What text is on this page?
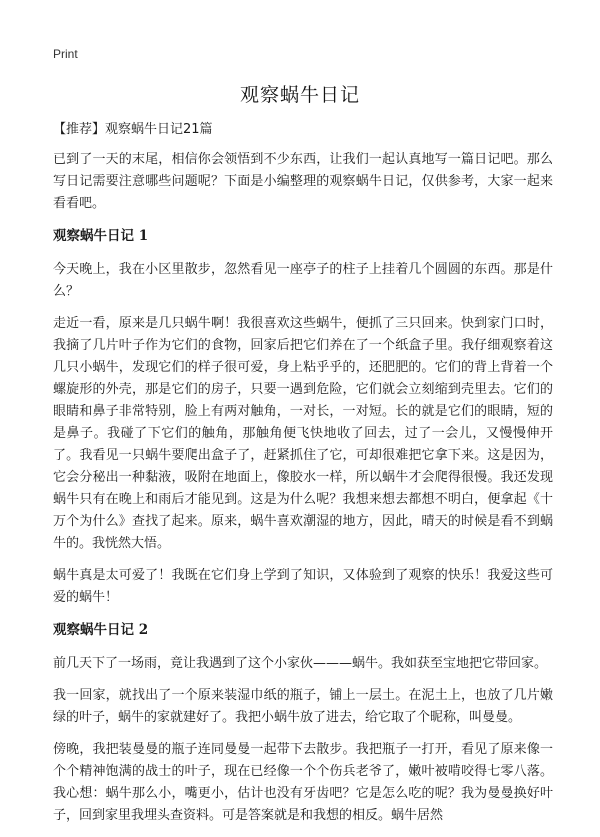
Print
观察蜗牛日记

【推荐】观察蜗牛日记21篇

已到了一天的末尾，相信你会领悟到不少东西，让我们一起认真地写一篇日记吧。那么写日记需要注意哪些问题呢？下面是小编整理的观察蜗牛日记，仅供参考，大家一起来看看吧。

观察蜗牛日记 1

今天晚上，我在小区里散步，忽然看见一座亭子的柱子上挂着几个圆圆的东西。那是什么？

走近一看，原来是几只蜗牛啊！我很喜欢这些蜗牛，便抓了三只回来。快到家门口时，我摘了几片叶子作为它们的食物，回家后把它们养在了一个纸盒子里。我仔细观察着这几只小蜗牛，发现它们的样子很可爱，身上粘乎乎的，还肥肥的。它们的背上背着一个螺旋形的外壳，那是它们的房子，只要一遇到危险，它们就会立刻缩到壳里去。它们的 眼睛和鼻子非常特别，脸上有两对触角，一对长，一对短。长的就是它们的眼睛，短的是鼻子。我碰了下它们的触角，那触角便飞快地收了回去，过了一会儿，又慢慢伸开了。我看见一只蜗牛要爬出盒子了，赶紧抓住了它，可却很难把它拿下来。这是因为，它会分秘出一种黏液，吸附在地面上，像胶水一样，所以蜗牛才会爬得很慢。我还发现蜗牛只有在晚上和雨后才能见到。这是为什么呢？我想来想去都想不明白，便拿起《十万个为什么》查找了起来。原来，蜗牛喜欢潮湿的地方，因此，晴天的时候是看不到蜗牛的。我恍然大悟。

蜗牛真是太可爱了！我既在它们身上学到了知识，又体验到了观察的快乐！我爱这些可爱的蜗牛！

观察蜗牛日记 2

前几天下了一场雨，竟让我遇到了这个小家伙———蜗牛。我如获至宝地把它带回家。

我一回家，就找出了一个原来装湿巾纸的瓶子，铺上一层土。在泥土上，也放了几片嫩绿的叶子，蜗牛的家就建好了。我把小蜗牛放了进去，给它取了个昵称，叫曼曼。

傍晚，我把装曼曼的瓶子连同曼曼一起带下去散步。我把瓶子一打开，看见了原来像一个个精神饱满的战士的叶子，现在已经像一个个伤兵老爷了，嫩叶被啃咬得七零八落。我心想：蜗牛那么小，嘴更小，估计也没有牙齿吧？它是怎么吃的呢？我为曼曼换好叶子，回到家里我埋头查资料。可是答案就是和我想的相反。蜗牛居然
